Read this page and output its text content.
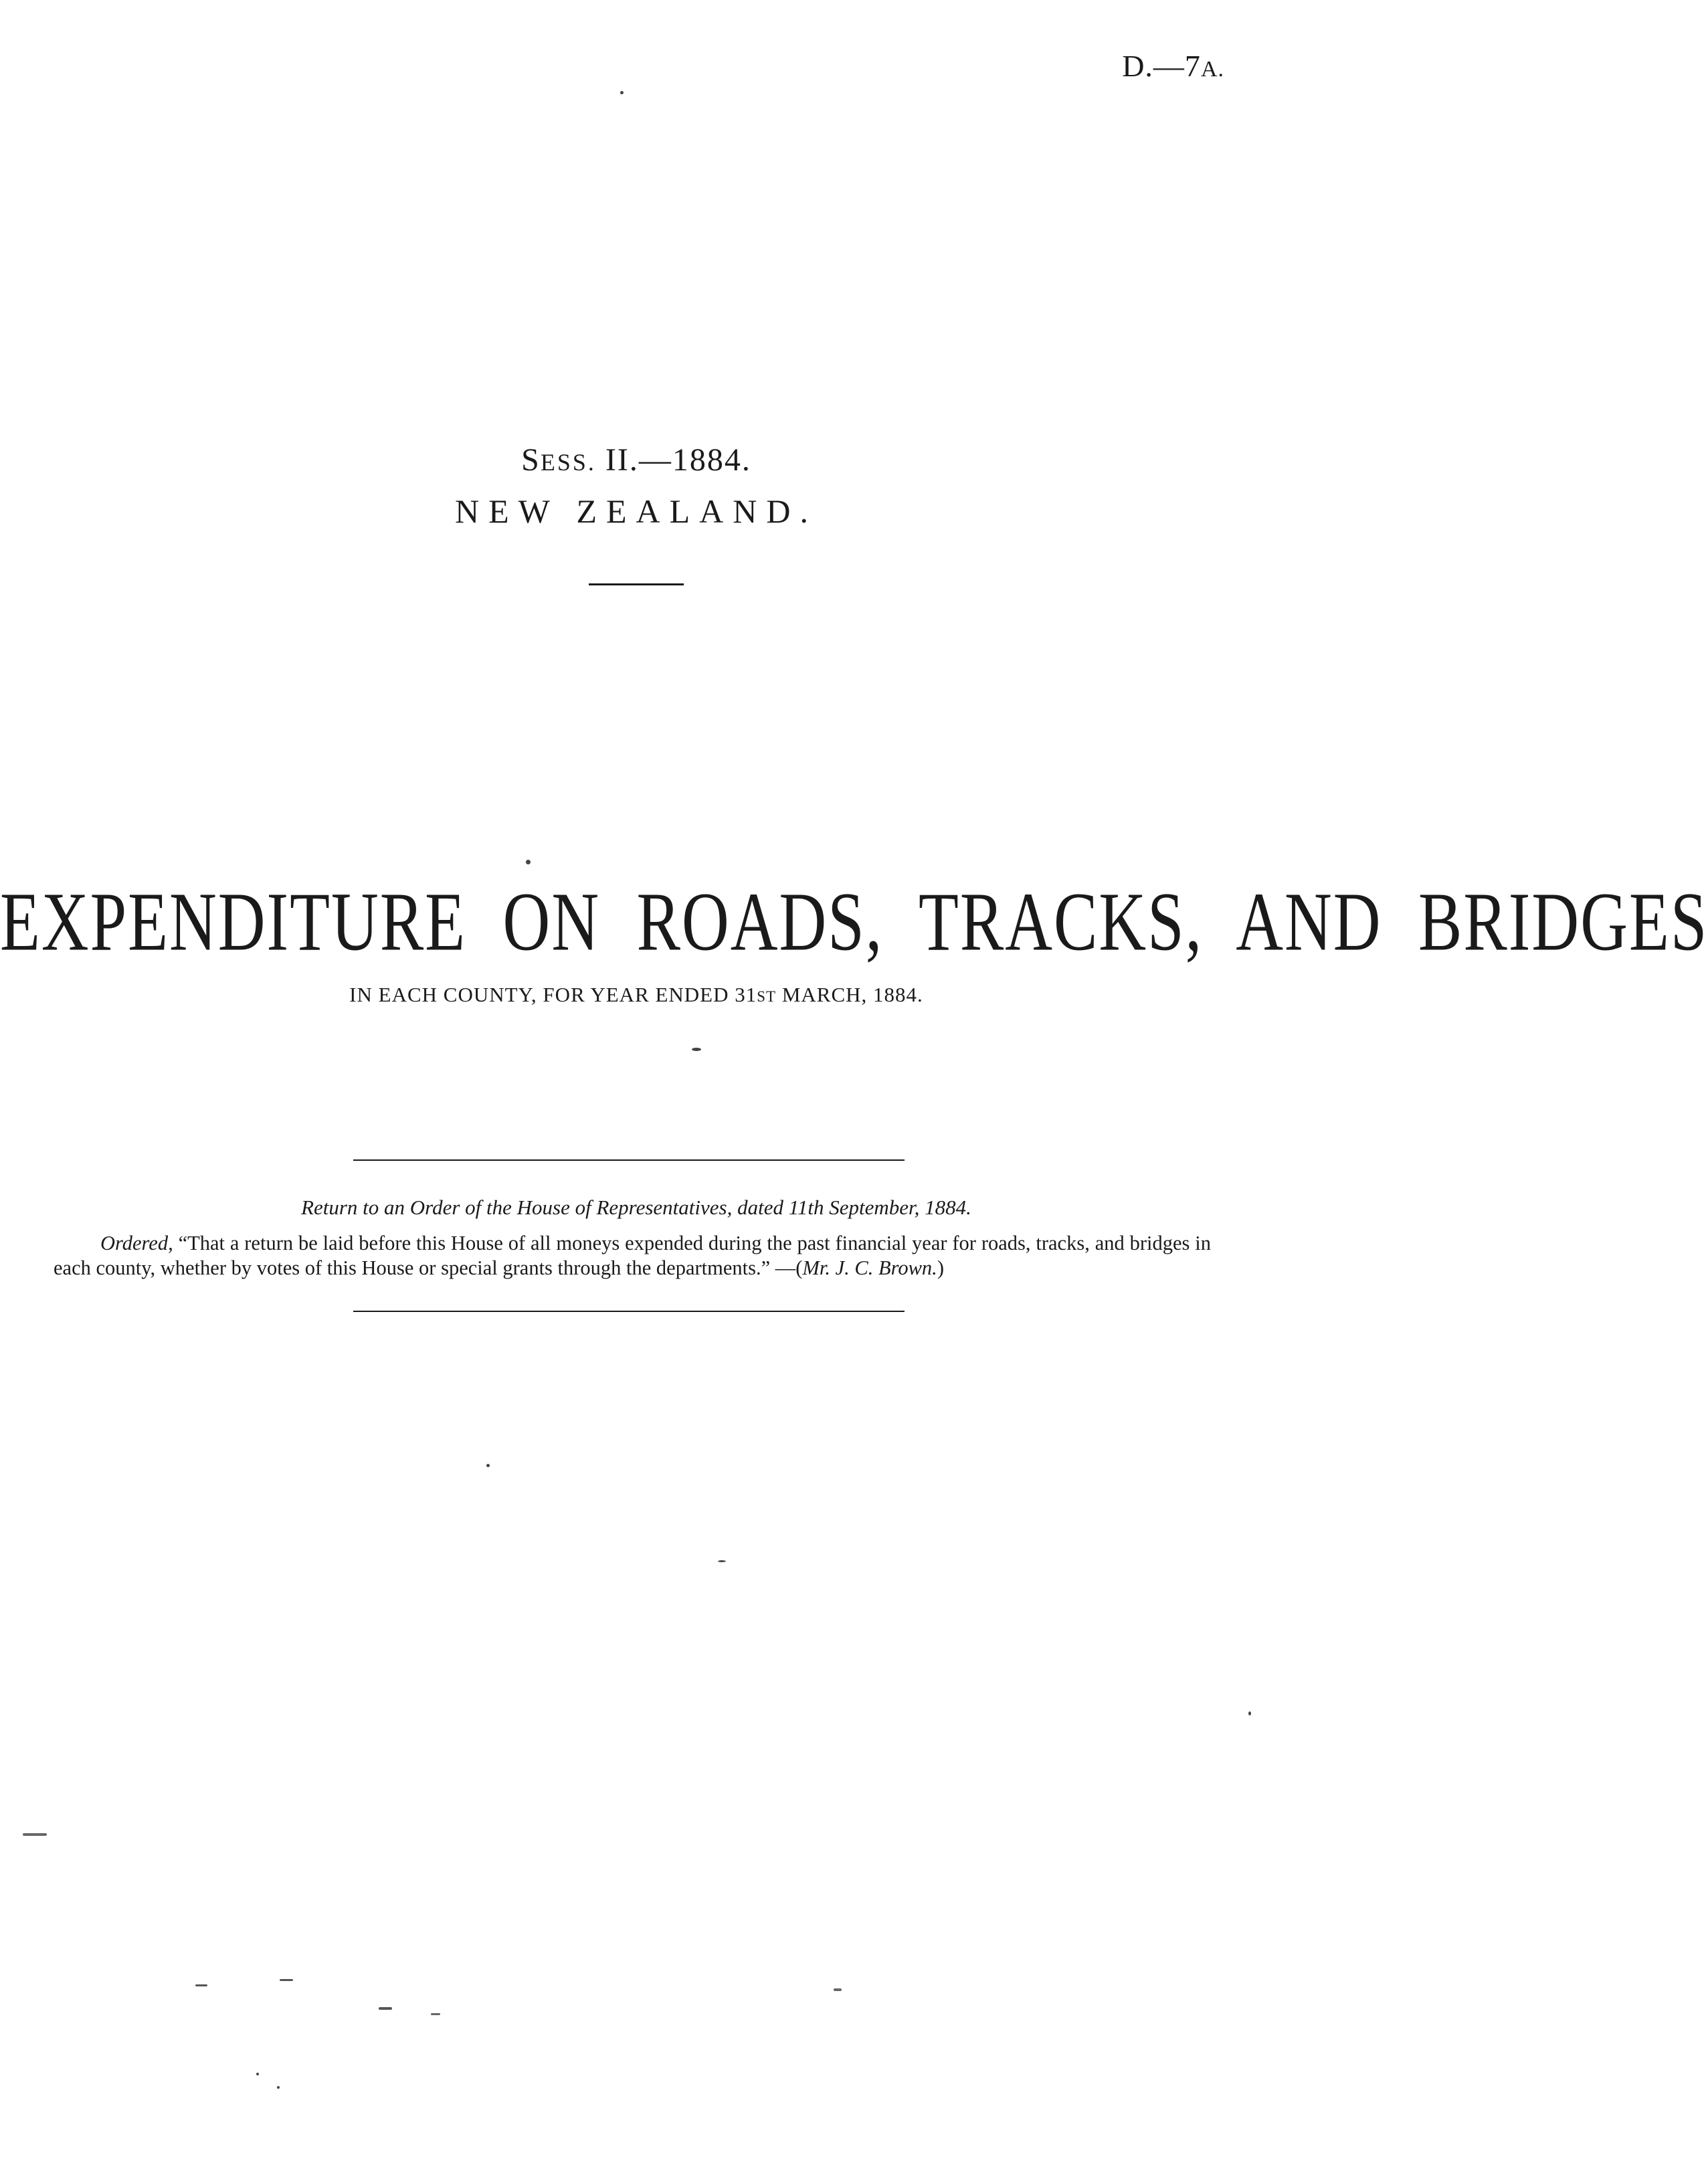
D.—7A.
SESS. II.—1884.
NEW ZEALAND.
EXPENDITURE ON ROADS, TRACKS, AND BRIDGES
IN EACH COUNTY, FOR YEAR ENDED 31ST MARCH, 1884.
Return to an Order of the House of Representatives, dated 11th September, 1884.
Ordered, “That a return be laid before this House of all moneys expended during the past financial year for roads, tracks, and bridges in each county, whether by votes of this House or special grants through the departments.” —(Mr. J. C. Brown.)
